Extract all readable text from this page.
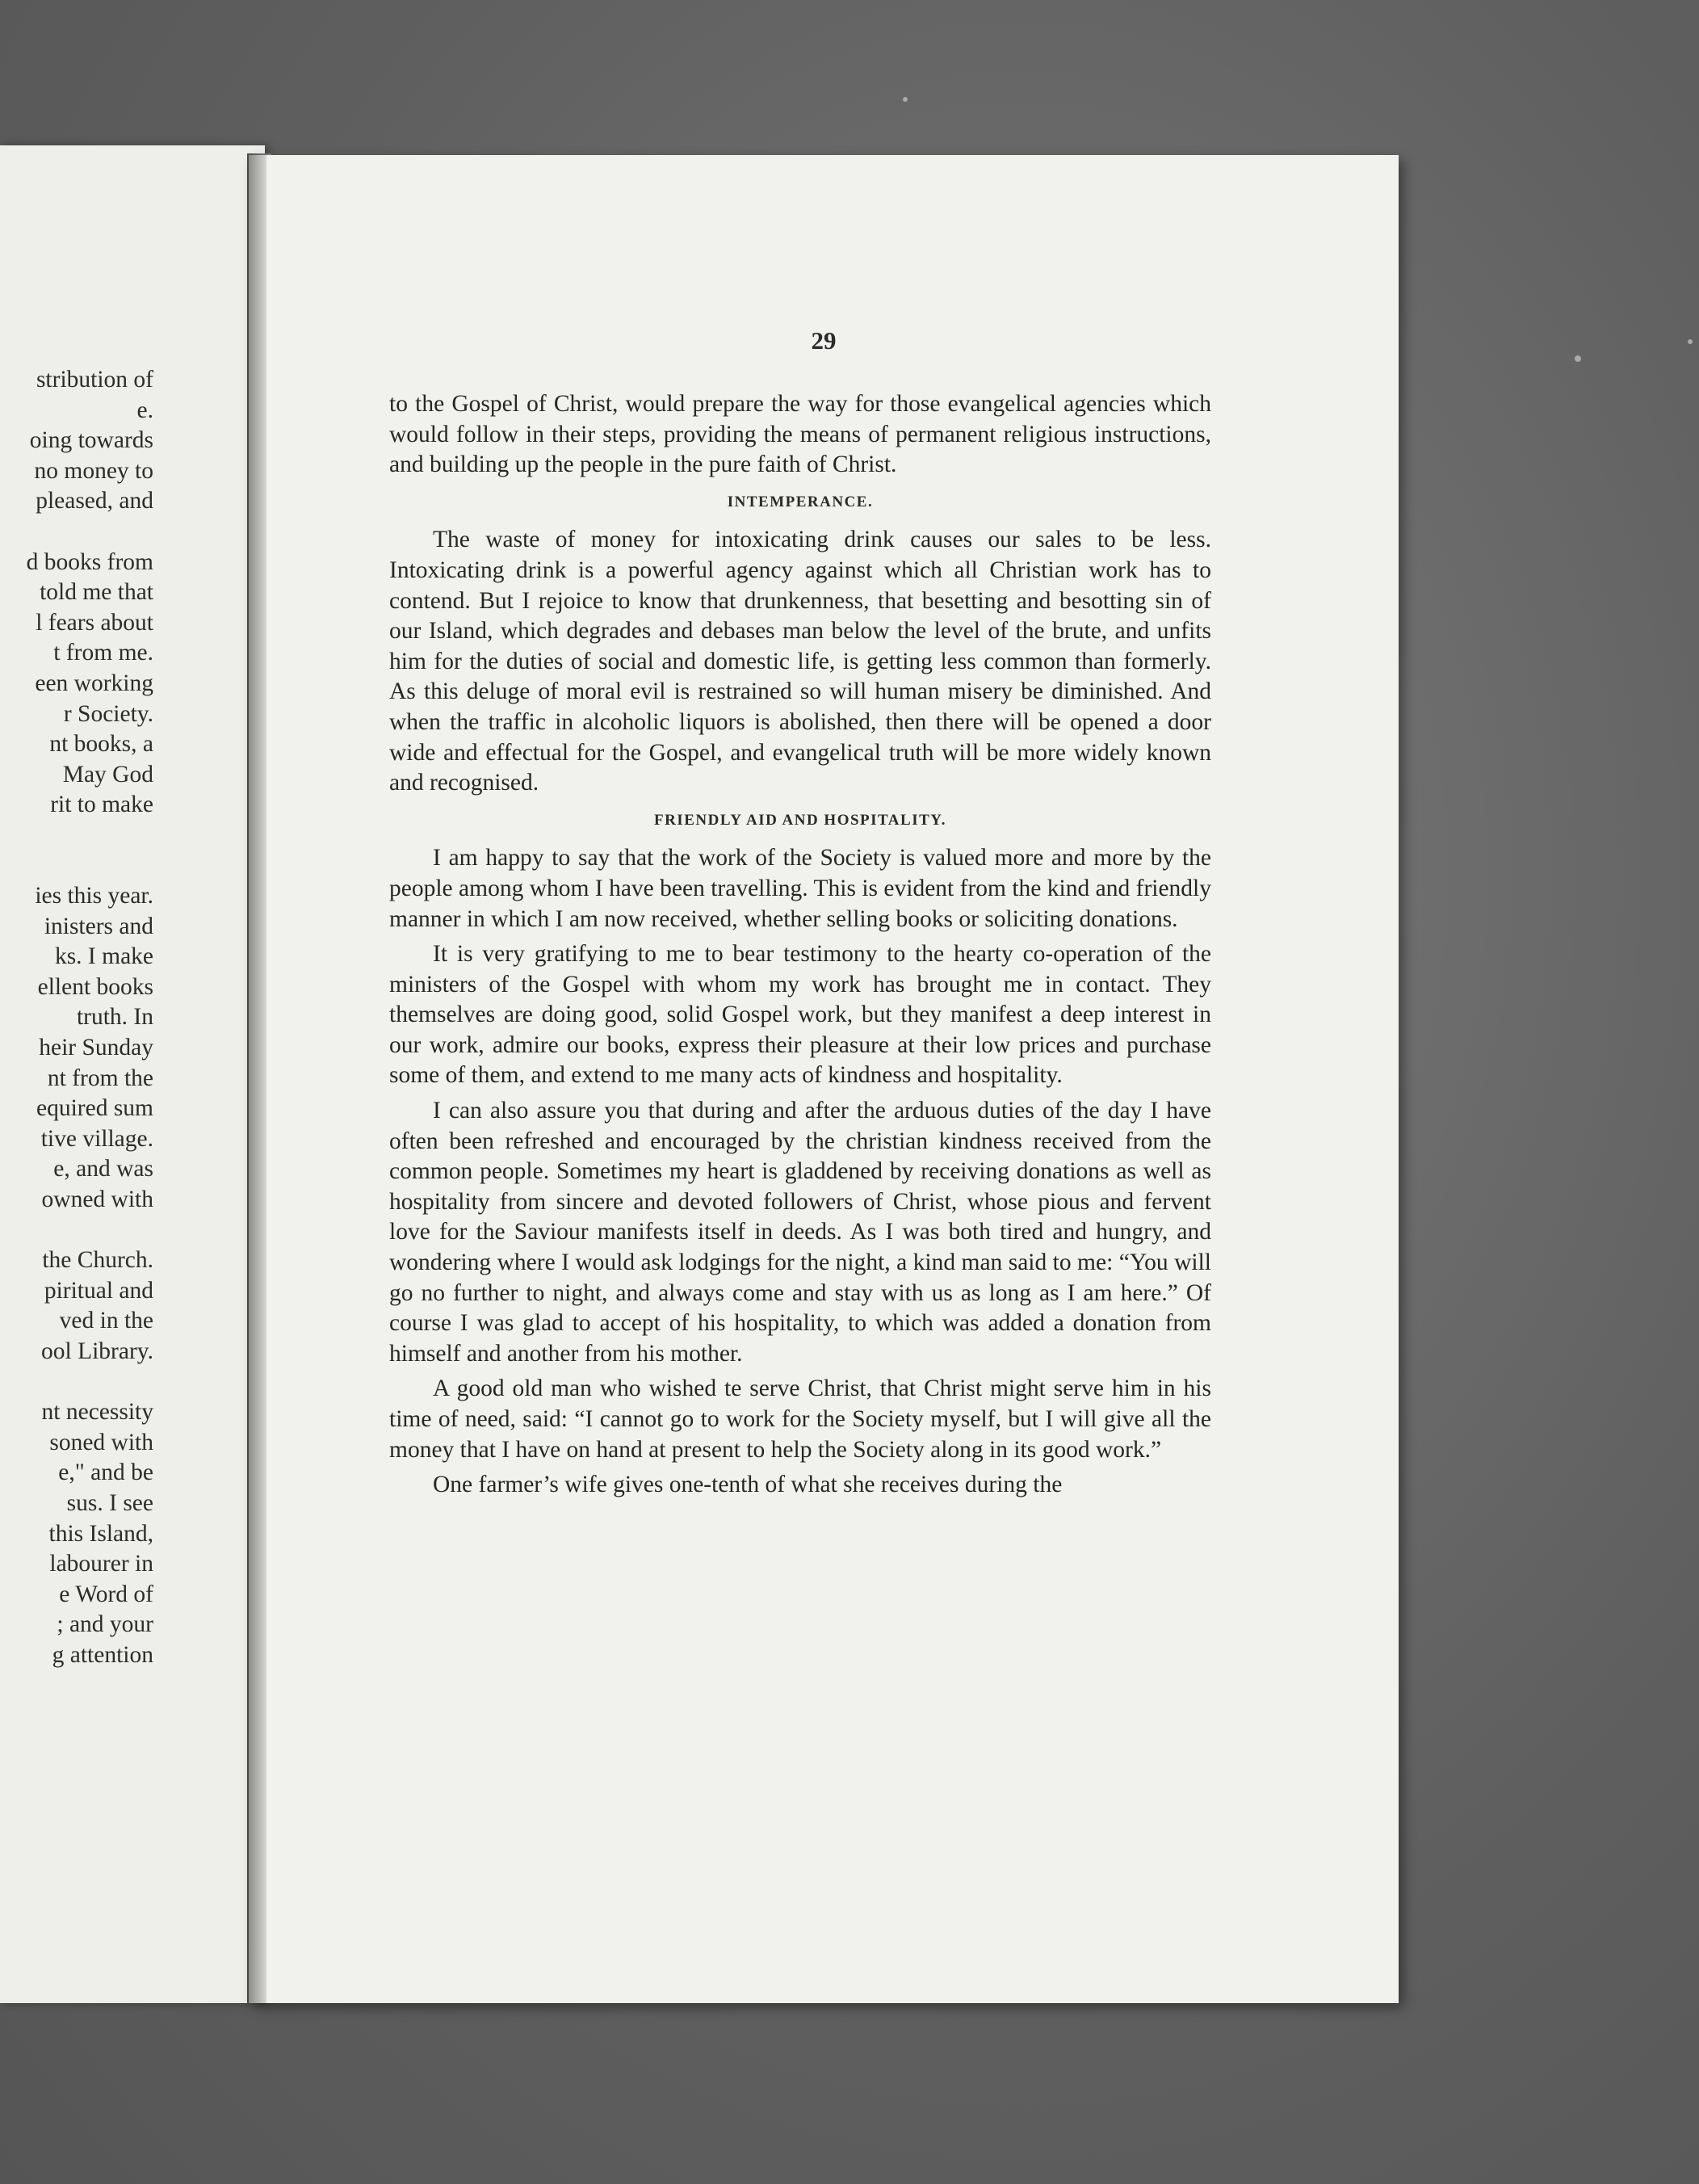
stribution of
e.
oing towards
no money to
pleased, and
d books from
told me that
l fears about
t from me.
een working
r Society.
nt books, a
May God
rit to make
ies this year.
inisters and
ks. I make
ellent books
truth. In
heir Sunday
nt from the
equired sum
tive village.
e, and was
owned with
the Church.
piritual and
ved in the
ool Library.
nt necessity
soned with
e," and be
sus. I see
this Island,
labourer in
e Word of
; and your
g attention
29

to the Gospel of Christ, would prepare the way for those evangelical agencies which would follow in their steps, providing the means of permanent religious instructions, and building up the people in the pure faith of Christ.

INTEMPERANCE.

The waste of money for intoxicating drink causes our sales to be less. Intoxicating drink is a powerful agency against which all Christian work has to contend. But I rejoice to know that drunkenness, that besetting and besotting sin of our Island, which degrades and debases man below the level of the brute, and unfits him for the duties of social and domestic life, is getting less common than formerly. As this deluge of moral evil is restrained so will human misery be diminished. And when the traffic in alcoholic liquors is abolished, then there will be opened a door wide and effectual for the Gospel, and evangelical truth will be more widely known and recognised.

FRIENDLY AID AND HOSPITALITY.

I am happy to say that the work of the Society is valued more and more by the people among whom I have been travelling. This is evident from the kind and friendly manner in which I am now received, whether selling books or soliciting donations.

It is very gratifying to me to bear testimony to the hearty co-operation of the ministers of the Gospel with whom my work has brought me in contact. They themselves are doing good, solid Gospel work, but they manifest a deep interest in our work, admire our books, express their pleasure at their low prices and purchase some of them, and extend to me many acts of kindness and hospitality.

I can also assure you that during and after the arduous duties of the day I have often been refreshed and encouraged by the christian kindness received from the common people. Sometimes my heart is gladdened by receiving donations as well as hospitality from sincere and devoted followers of Christ, whose pious and fervent love for the Saviour manifests itself in deeds. As I was both tired and hungry, and wondering where I would ask lodgings for the night, a kind man said to me: “You will go no further to night, and always come and stay with us as long as I am here.” Of course I was glad to accept of his hospitality, to which was added a donation from himself and another from his mother.

A good old man who wished te serve Christ, that Christ might serve him in his time of need, said: “I cannot go to work for the Society myself, but I will give all the money that I have on hand at present to help the Society along in its good work.”

One farmer’s wife gives one-tenth of what she receives during the
